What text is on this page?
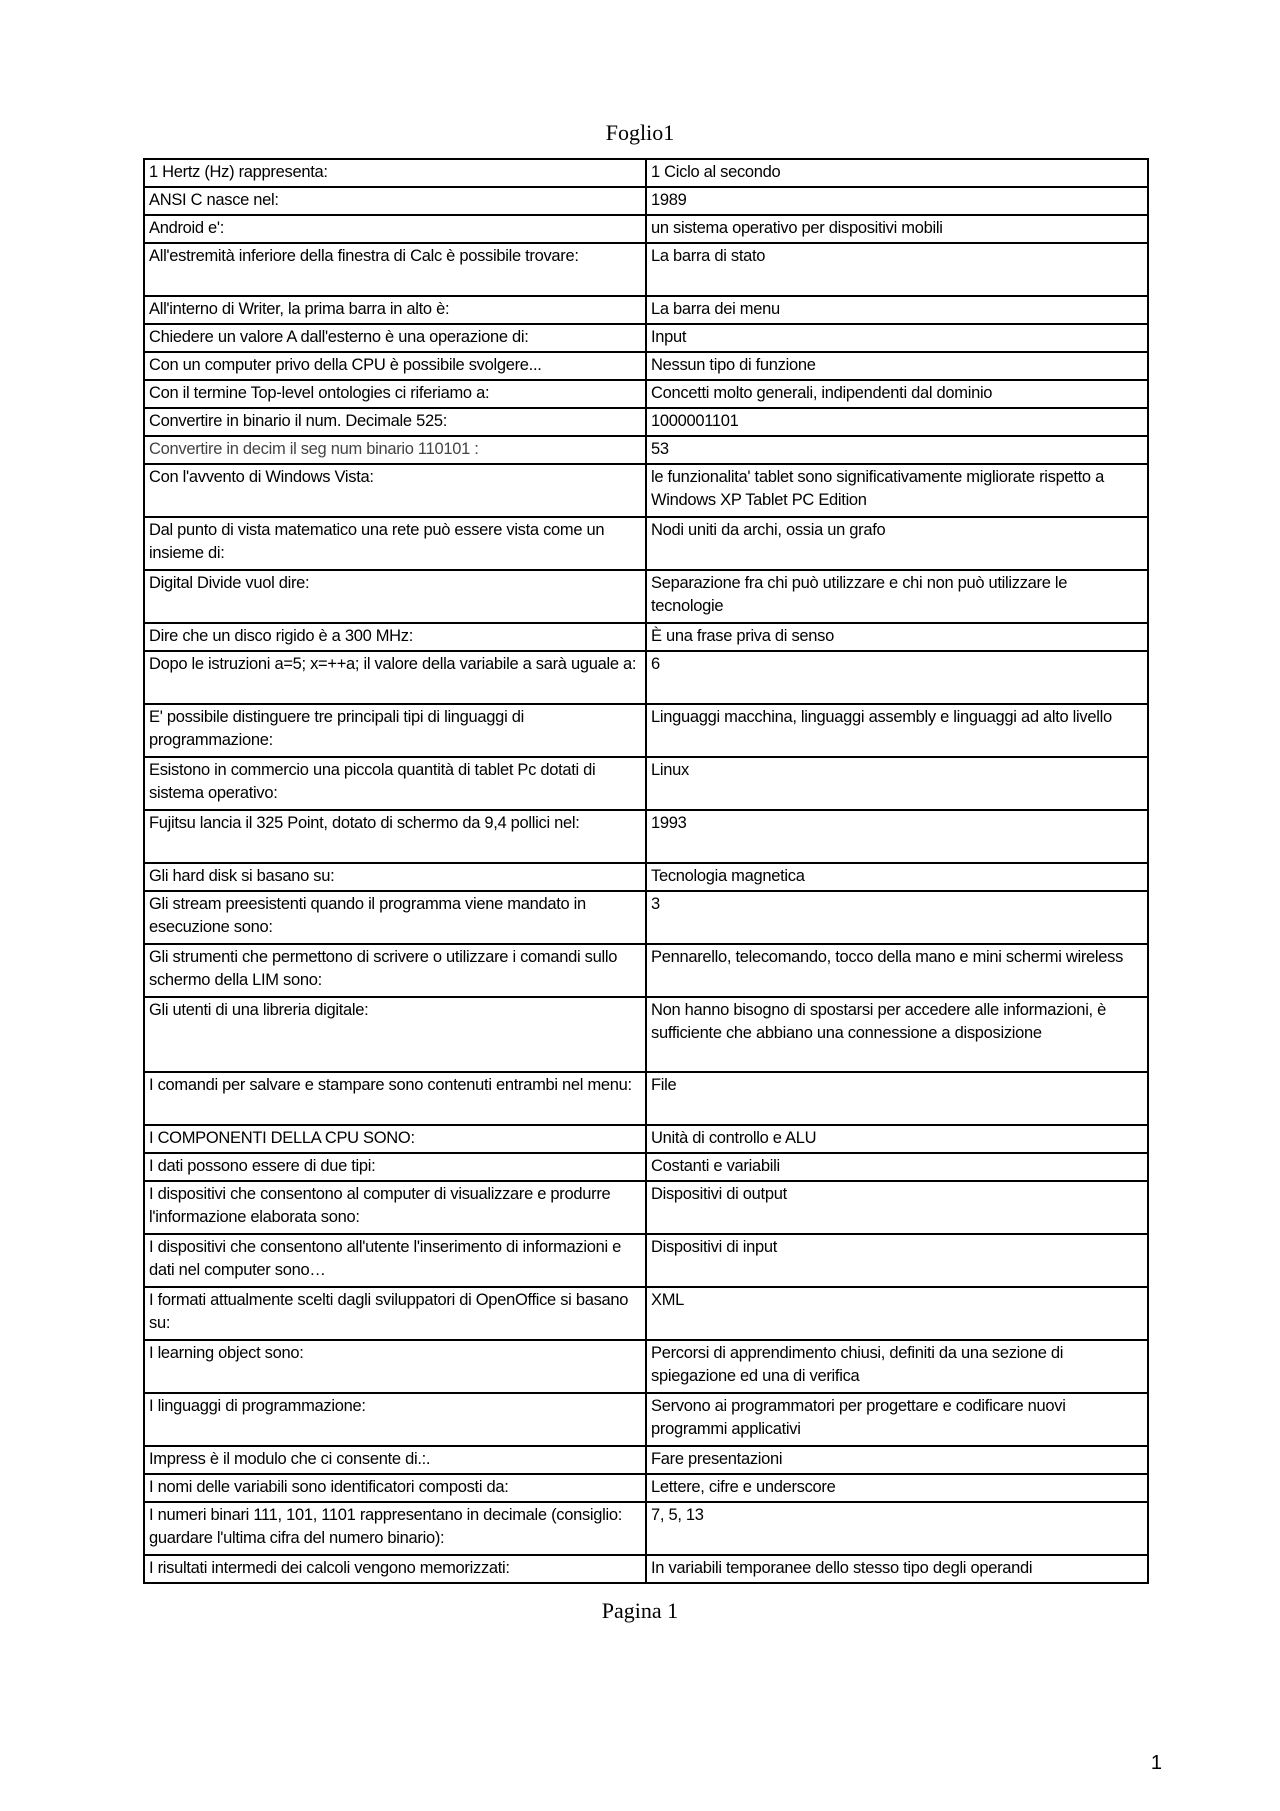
Foglio1
1 Hertz (Hz) rappresenta:	1 Ciclo al secondo
ANSI C nasce nel:	1989
Android e':	un sistema operativo per dispositivi mobili
All'estremità inferiore della finestra di Calc è possibile trovare:	La barra di stato
All'interno di Writer, la prima barra in alto è:	La barra dei menu
Chiedere un valore A dall'esterno è una operazione di:	Input
Con un computer privo della CPU è possibile svolgere...	Nessun tipo di funzione
Con il termine Top-level ontologies ci riferiamo a:	Concetti molto generali, indipendenti dal dominio
Convertire in binario il num. Decimale 525:	1000001101
Convertire in decim il seg num binario 110101 :	53
Con l'avvento di Windows Vista:	le funzionalita' tablet sono significativamente migliorate rispetto a Windows XP Tablet PC Edition
Dal punto di vista matematico una rete può essere vista come un insieme di:	Nodi uniti da archi, ossia un grafo
Digital Divide vuol dire:	Separazione fra chi può utilizzare e chi non può utilizzare le tecnologie
Dire che un disco rigido è a 300 MHz:	È una frase priva di senso
Dopo le istruzioni a=5; x=++a; il valore della variabile a sarà uguale a:	6
E' possibile distinguere tre principali tipi di linguaggi di programmazione:	Linguaggi macchina, linguaggi assembly e linguaggi ad alto livello
Esistono in commercio una piccola quantità di tablet Pc dotati di sistema operativo:	Linux
Fujitsu lancia il 325 Point, dotato di schermo da 9,4 pollici nel:	1993
Gli hard disk si basano su:	Tecnologia magnetica
Gli stream preesistenti quando il programma viene mandato in esecuzione sono:	3
Gli strumenti che permettono di scrivere o utilizzare i comandi sullo schermo della LIM sono:	Pennarello, telecomando, tocco della mano e mini schermi wireless
Gli utenti di una libreria digitale:	Non hanno bisogno di spostarsi per accedere alle informazioni, è sufficiente che abbiano una connessione a disposizione
I comandi per salvare e stampare sono contenuti entrambi nel menu:	File
I COMPONENTI DELLA CPU SONO:	Unità di controllo e ALU
I dati possono essere di due tipi:	Costanti e variabili
I dispositivi che consentono al computer di visualizzare e produrre l'informazione elaborata sono:	Dispositivi di output
I dispositivi che consentono all'utente l'inserimento di informazioni e dati nel computer sono…	Dispositivi di input
I formati attualmente scelti dagli sviluppatori di OpenOffice si basano su:	XML
I learning object sono:	Percorsi di apprendimento chiusi, definiti da una sezione di spiegazione ed una di verifica
I linguaggi di programmazione:	Servono ai programmatori per progettare e codificare nuovi programmi applicativi
Impress è il modulo che ci consente di.:.	Fare presentazioni
I nomi delle variabili sono identificatori composti da:	Lettere, cifre e underscore
I numeri binari 111, 101, 1101 rappresentano in decimale (consiglio: guardare l'ultima cifra del numero binario):	7, 5, 13
I risultati intermedi dei calcoli vengono memorizzati:	In variabili temporanee dello stesso tipo degli operandi
Pagina 1
1
